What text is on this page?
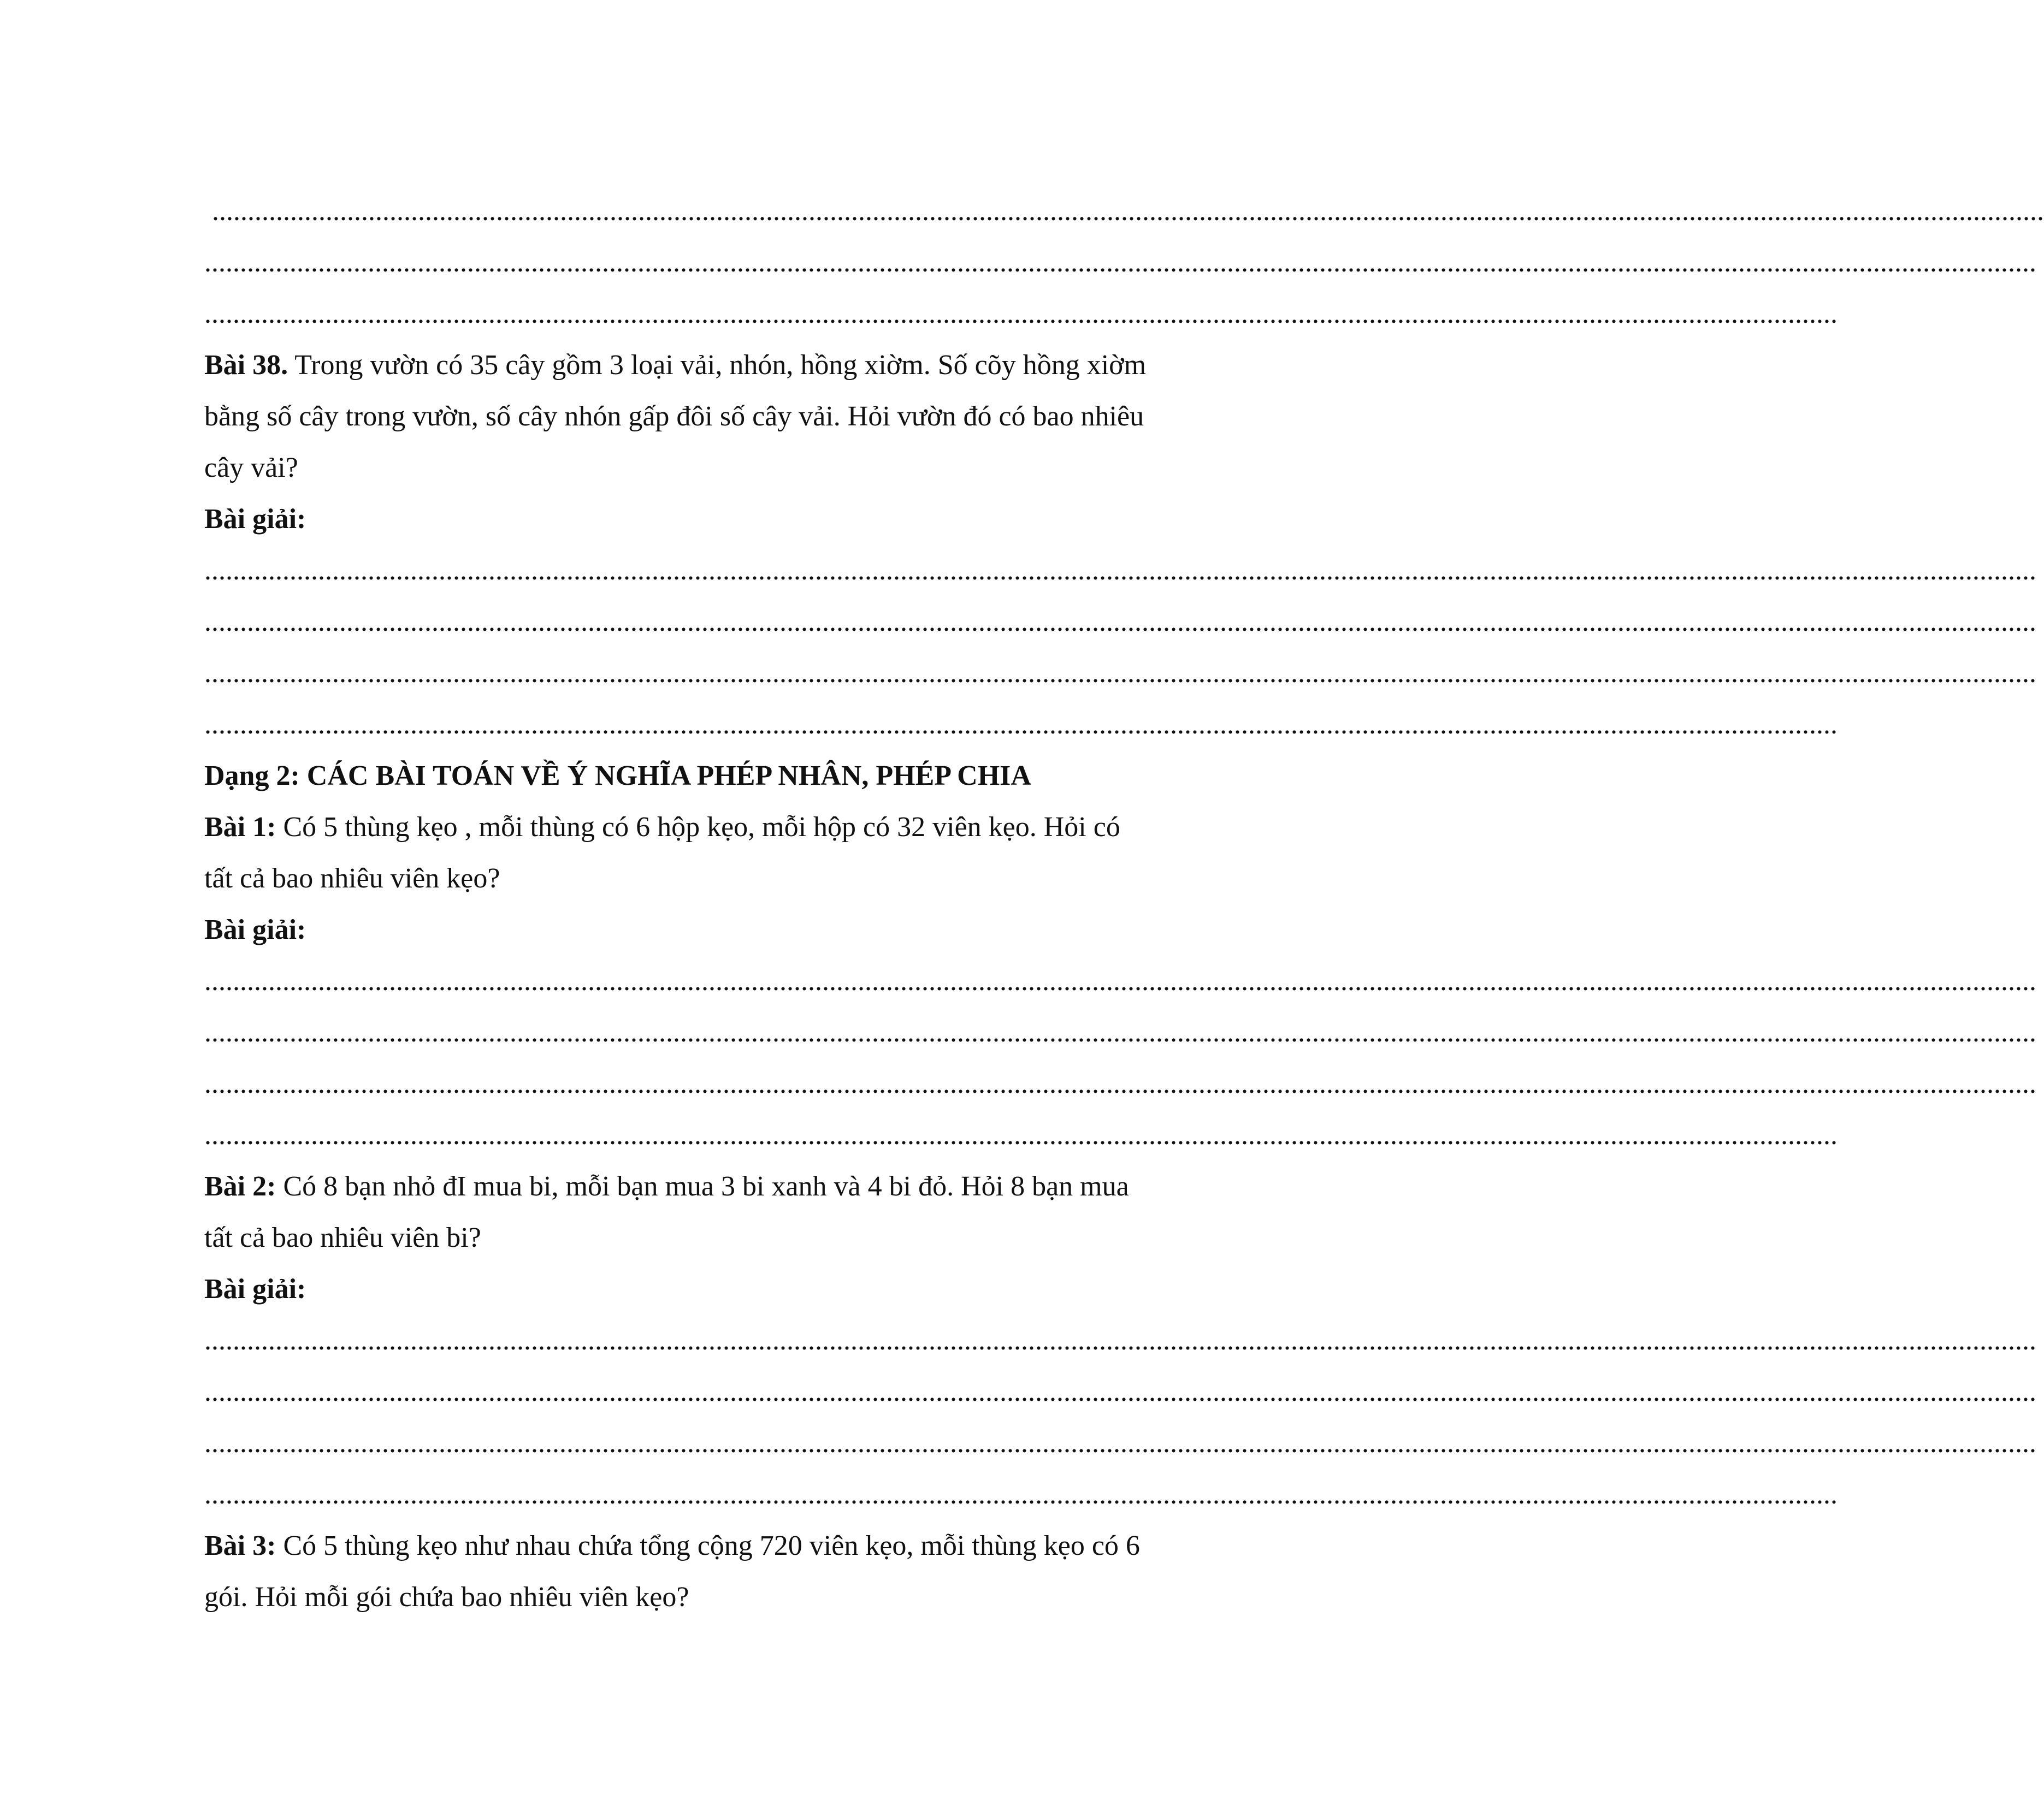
..................................................................................................................................................................................................................................................................
..................................................................................................................................................................................................................................................................
......................................................................................................................................................................................................................................
Bài 38. Trong vườn có 35 cây gồm 3 loại vải, nhón, hồng xiờm. Số cõy hồng xiờm
bằng số cây trong vườn, số cây nhón gấp đôi số cây vải. Hỏi vườn đó có bao nhiêu
cây vải?
Bài giải:
..................................................................................................................................................................................................................................................................
..................................................................................................................................................................................................................................................................
..................................................................................................................................................................................................................................................................
......................................................................................................................................................................................................................................
Dạng 2: CÁC BÀI TOÁN VỀ Ý NGHĨA PHÉP NHÂN, PHÉP CHIA
Bài 1: Có 5 thùng kẹo , mỗi thùng có 6 hộp kẹo, mỗi hộp có 32 viên kẹo. Hỏi có
tất cả bao nhiêu viên kẹo?
Bài giải:
..................................................................................................................................................................................................................................................................
..................................................................................................................................................................................................................................................................
..................................................................................................................................................................................................................................................................
......................................................................................................................................................................................................................................
Bài 2: Có 8 bạn nhỏ đI mua bi, mỗi bạn mua 3 bi xanh và 4 bi đỏ. Hỏi 8 bạn mua
tất cả bao nhiêu viên bi?
Bài giải:
..................................................................................................................................................................................................................................................................
..................................................................................................................................................................................................................................................................
..................................................................................................................................................................................................................................................................
......................................................................................................................................................................................................................................
Bài 3: Có 5 thùng kẹo như nhau chứa tổng cộng 720 viên kẹo, mỗi thùng kẹo có 6
gói. Hỏi mỗi gói chứa bao nhiêu viên kẹo?
